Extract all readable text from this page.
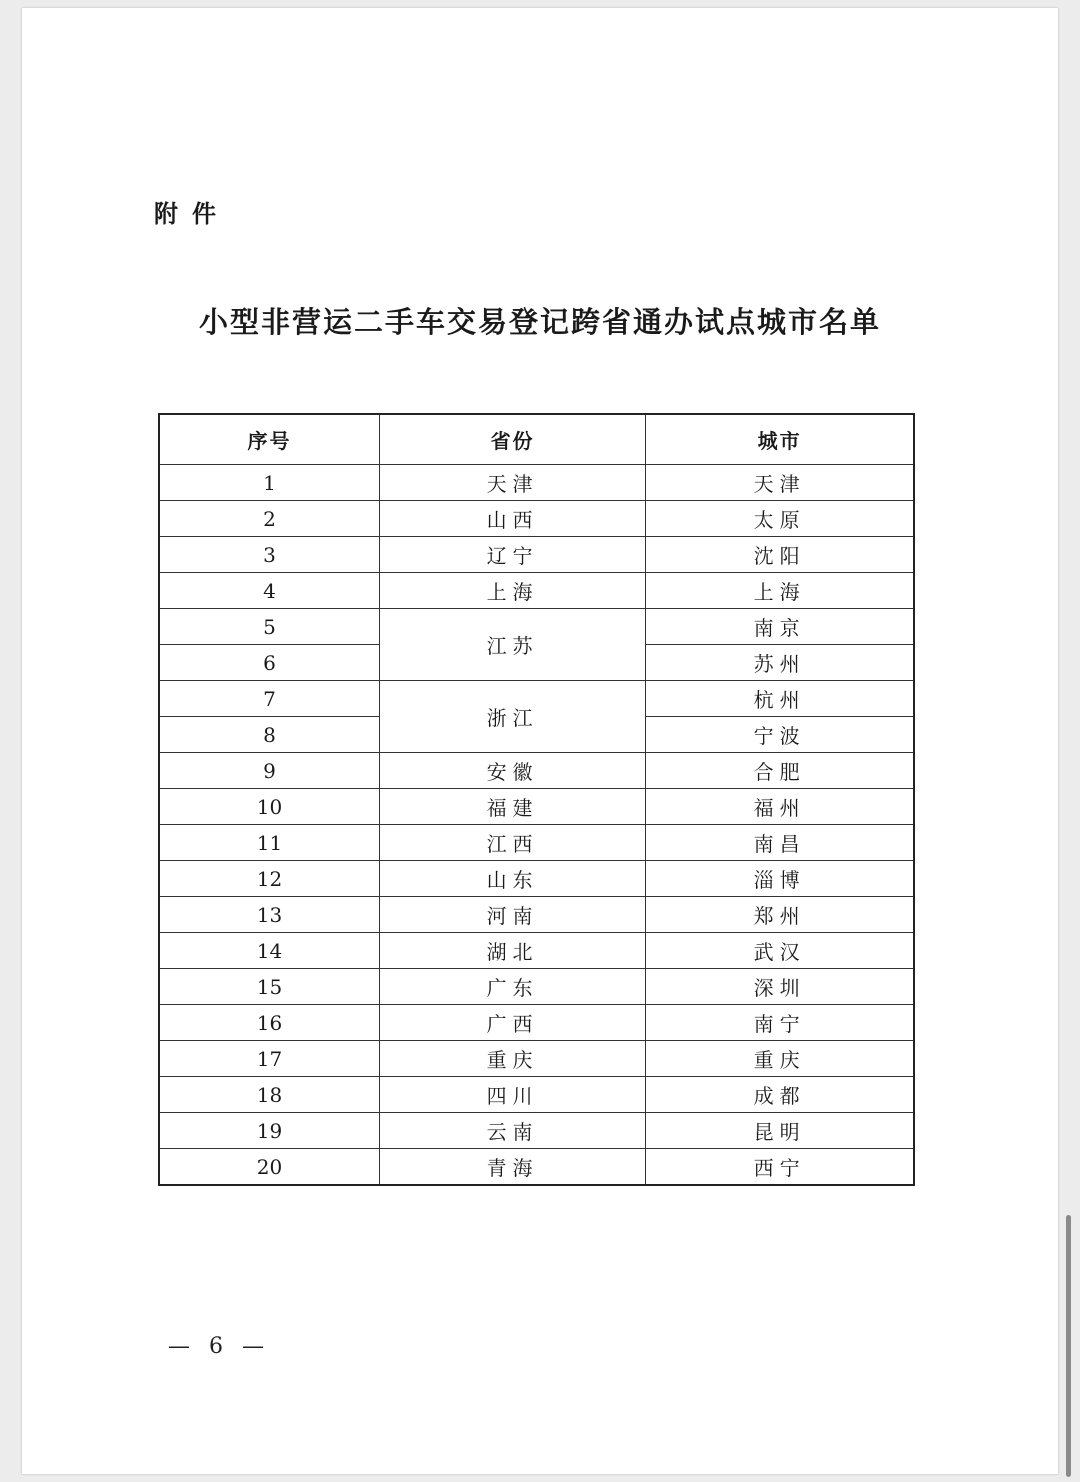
附件
小型非营运二手车交易登记跨省通办试点城市名单
序号	省份	城市
1	天津	天津
2	山西	太原
3	辽宁	沈阳
4	上海	上海
5	江苏	南京
6		苏州
7	浙江	杭州
8		宁波
9	安徽	合肥
10	福建	福州
11	江西	南昌
12	山东	淄博
13	河南	郑州
14	湖北	武汉
15	广东	深圳
16	广西	南宁
17	重庆	重庆
18	四川	成都
19	云南	昆明
20	青海	西宁
— 6 —
